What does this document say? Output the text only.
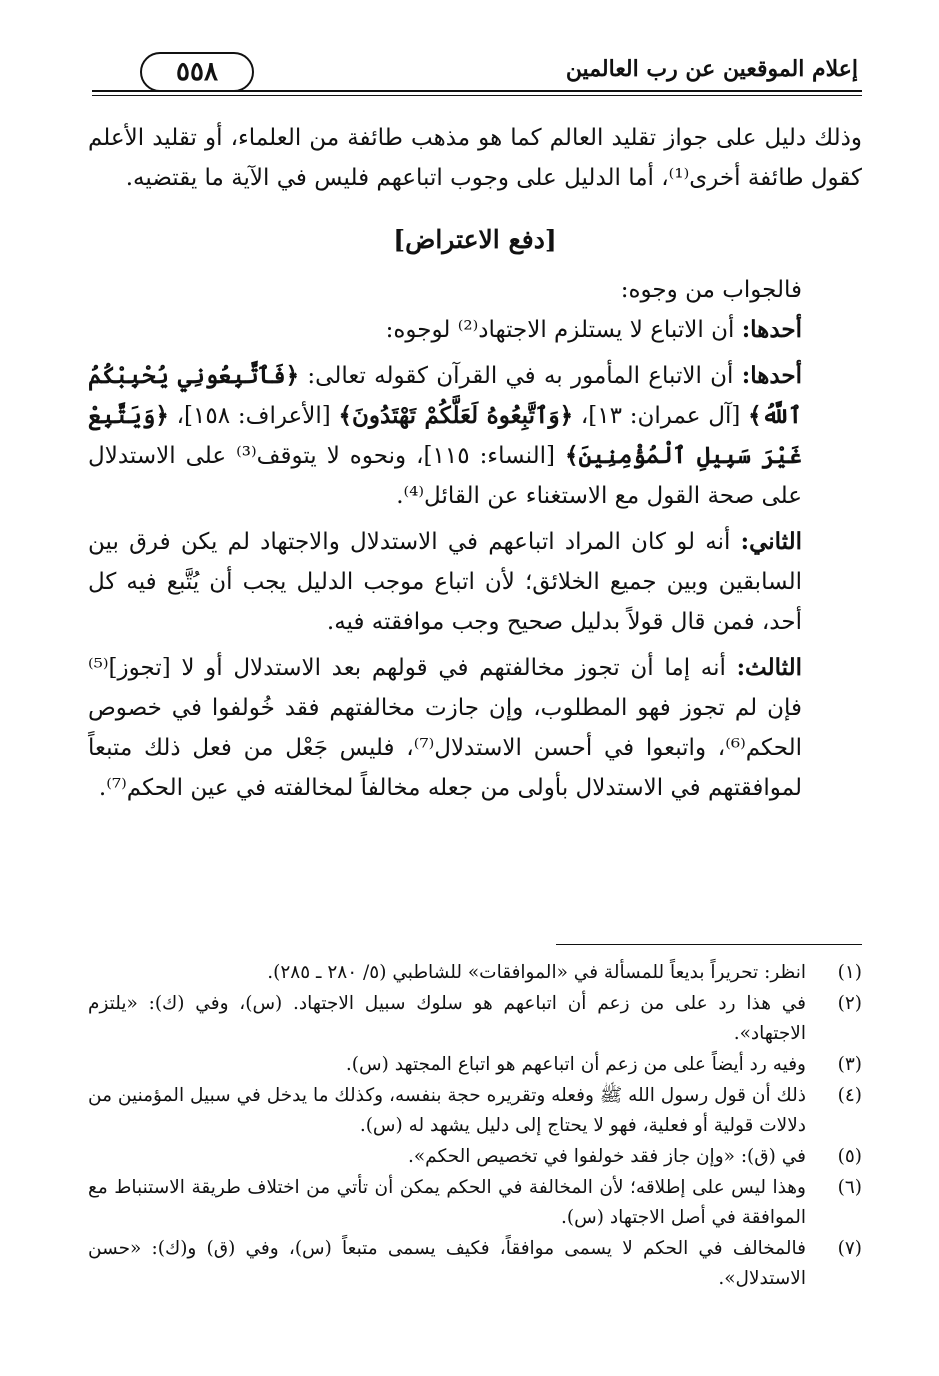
إعلام الموقعين عن رب العالمين
٥٥٨

وذلك دليل على جواز تقليد العالم كما هو مذهب طائفة من العلماء، أو تقليد الأعلم كقول طائفة أخرى⁽¹⁾، أما الدليل على وجوب اتباعهم فليس في الآية ما يقتضيه.

[دفع الاعتراض]

فالجواب من وجوه:

أحدها: أن الاتباع لا يستلزم الاجتهاد⁽²⁾ لوجوه:

أحدها: أن الاتباع المأمور به في القرآن كقوله تعالى: ﴿فَٱتَّبِعُونِي يُحْبِبْكُمُ ٱللَّهُ﴾ [آل عمران: ١٣]، ﴿وَٱتَّبِعُوهُ لَعَلَّكُمْ تَهْتَدُونَ﴾ [الأعراف: ١٥٨]، ﴿وَيَتَّبِعْ غَيْرَ سَبِيلِ ٱلْمُؤْمِنِينَ﴾ [النساء: ١١٥]، ونحوه لا يتوقف⁽³⁾ على الاستدلال على صحة القول مع الاستغناء عن القائل⁽⁴⁾.

الثاني: أنه لو كان المراد اتباعهم في الاستدلال والاجتهاد لم يكن فرق بين السابقين وبين جميع الخلائق؛ لأن اتباع موجب الدليل يجب أن يُتَّبع فيه كل أحد، فمن قال قولاً بدليل صحيح وجب موافقته فيه.

الثالث: أنه إما أن تجوز مخالفتهم في قولهم بعد الاستدلال أو لا [تجوز]⁽⁵⁾ فإن لم تجوز فهو المطلوب، وإن جازت مخالفتهم فقد خُولفوا في خصوص الحكم⁽⁶⁾، واتبعوا في أحسن الاستدلال⁽⁷⁾، فليس جَعْل من فعل ذلك متبعاً لموافقتهم في الاستدلال بأولى من جعله مخالفاً لمخالفته في عين الحكم⁽⁷⁾.

(١)
انظر: تحريراً بديعاً للمسألة في «الموافقات» للشاطبي (٥/ ٢٨٠ ـ ٢٨٥).
(٢)
في هذا رد على من زعم أن اتباعهم هو سلوك سبيل الاجتهاد. (س)، وفي (ك): «يلتزم الاجتهاد».
(٣)
وفيه رد أيضاً على من زعم أن اتباعهم هو اتباع المجتهد (س).
(٤)
ذلك أن قول رسول الله ﷺ وفعله وتقريره حجة بنفسه، وكذلك ما يدخل في سبيل المؤمنين من دلالات قولية أو فعلية، فهو لا يحتاج إلى دليل يشهد له (س).
(٥)
في (ق): «وإن جاز فقد خولفوا في تخصيص الحكم».
(٦)
وهذا ليس على إطلاقه؛ لأن المخالفة في الحكم يمكن أن تأتي من اختلاف طريقة الاستنباط مع الموافقة في أصل الاجتهاد (س).
(٧)
فالمخالف في الحكم لا يسمى موافقاً، فكيف يسمى متبعاً (س)، وفي (ق) و(ك): «حسن الاستدلال».
